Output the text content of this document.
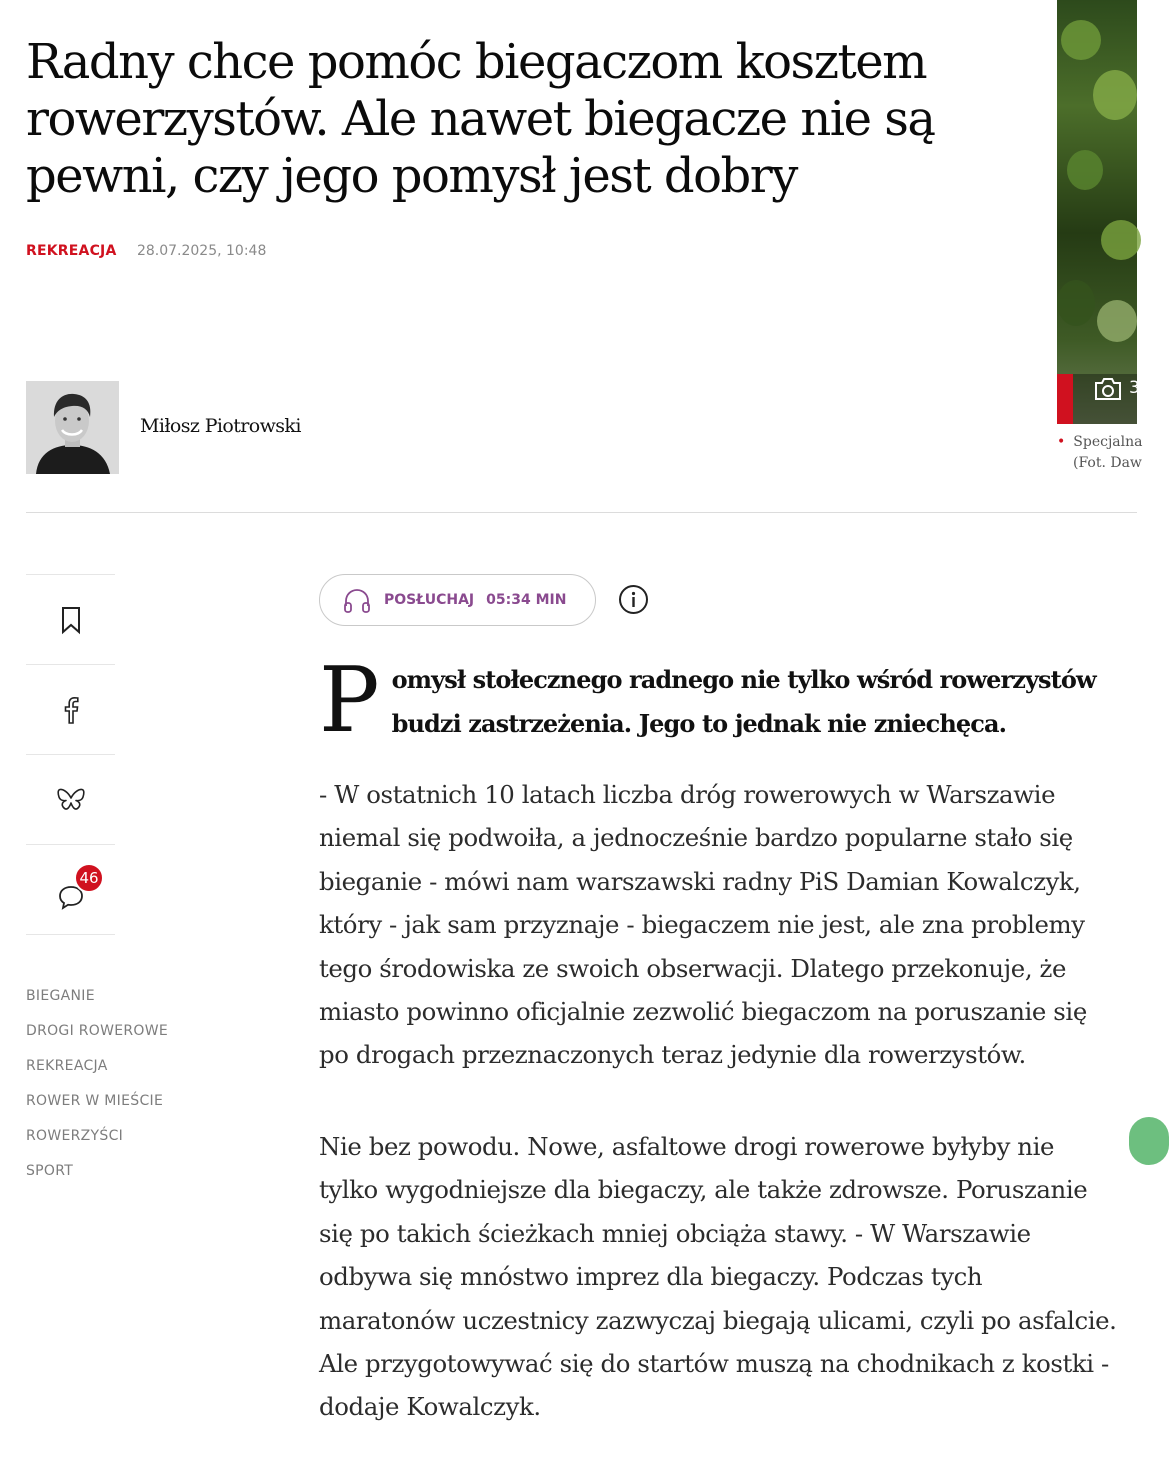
Radny chce pomóc biegaczom kosztem rowerzystów. Ale nawet biegacze nie są pewni, czy jego pomysł jest dobry
REKREACJA 28.07.2025, 10:48
Miłosz Piotrowski
3
• Specjalna
(Fot. Daw
46
BIEGANIE
DROGI ROWEROWE
REKREACJA
ROWER W MIEŚCIE
ROWERZYŚCI
SPORT
POSŁUCHAJ 05:34 MIN
Pomysł stołecznego radnego nie tylko wśród rowerzystów budzi zastrzeżenia. Jego to jednak nie zniechęca.

- W ostatnich 10 latach liczba dróg rowerowych w Warszawie niemal się podwoiła, a jednocześnie bardzo popularne stało się bieganie - mówi nam warszawski radny PiS Damian Kowalczyk, który - jak sam przyznaje - biegaczem nie jest, ale zna problemy tego środowiska ze swoich obserwacji. Dlatego przekonuje, że miasto powinno oficjalnie zezwolić biegaczom na poruszanie się po drogach przeznaczonych teraz jedynie dla rowerzystów.

Nie bez powodu. Nowe, asfaltowe drogi rowerowe byłyby nie tylko wygodniejsze dla biegaczy, ale także zdrowsze. Poruszanie się po takich ścieżkach mniej obciąża stawy. - W Warszawie odbywa się mnóstwo imprez dla biegaczy. Podczas tych maratonów uczestnicy zazwyczaj biegają ulicami, czyli po asfalcie. Ale przygotowywać się do startów muszą na chodnikach z kostki - dodaje Kowalczyk.
